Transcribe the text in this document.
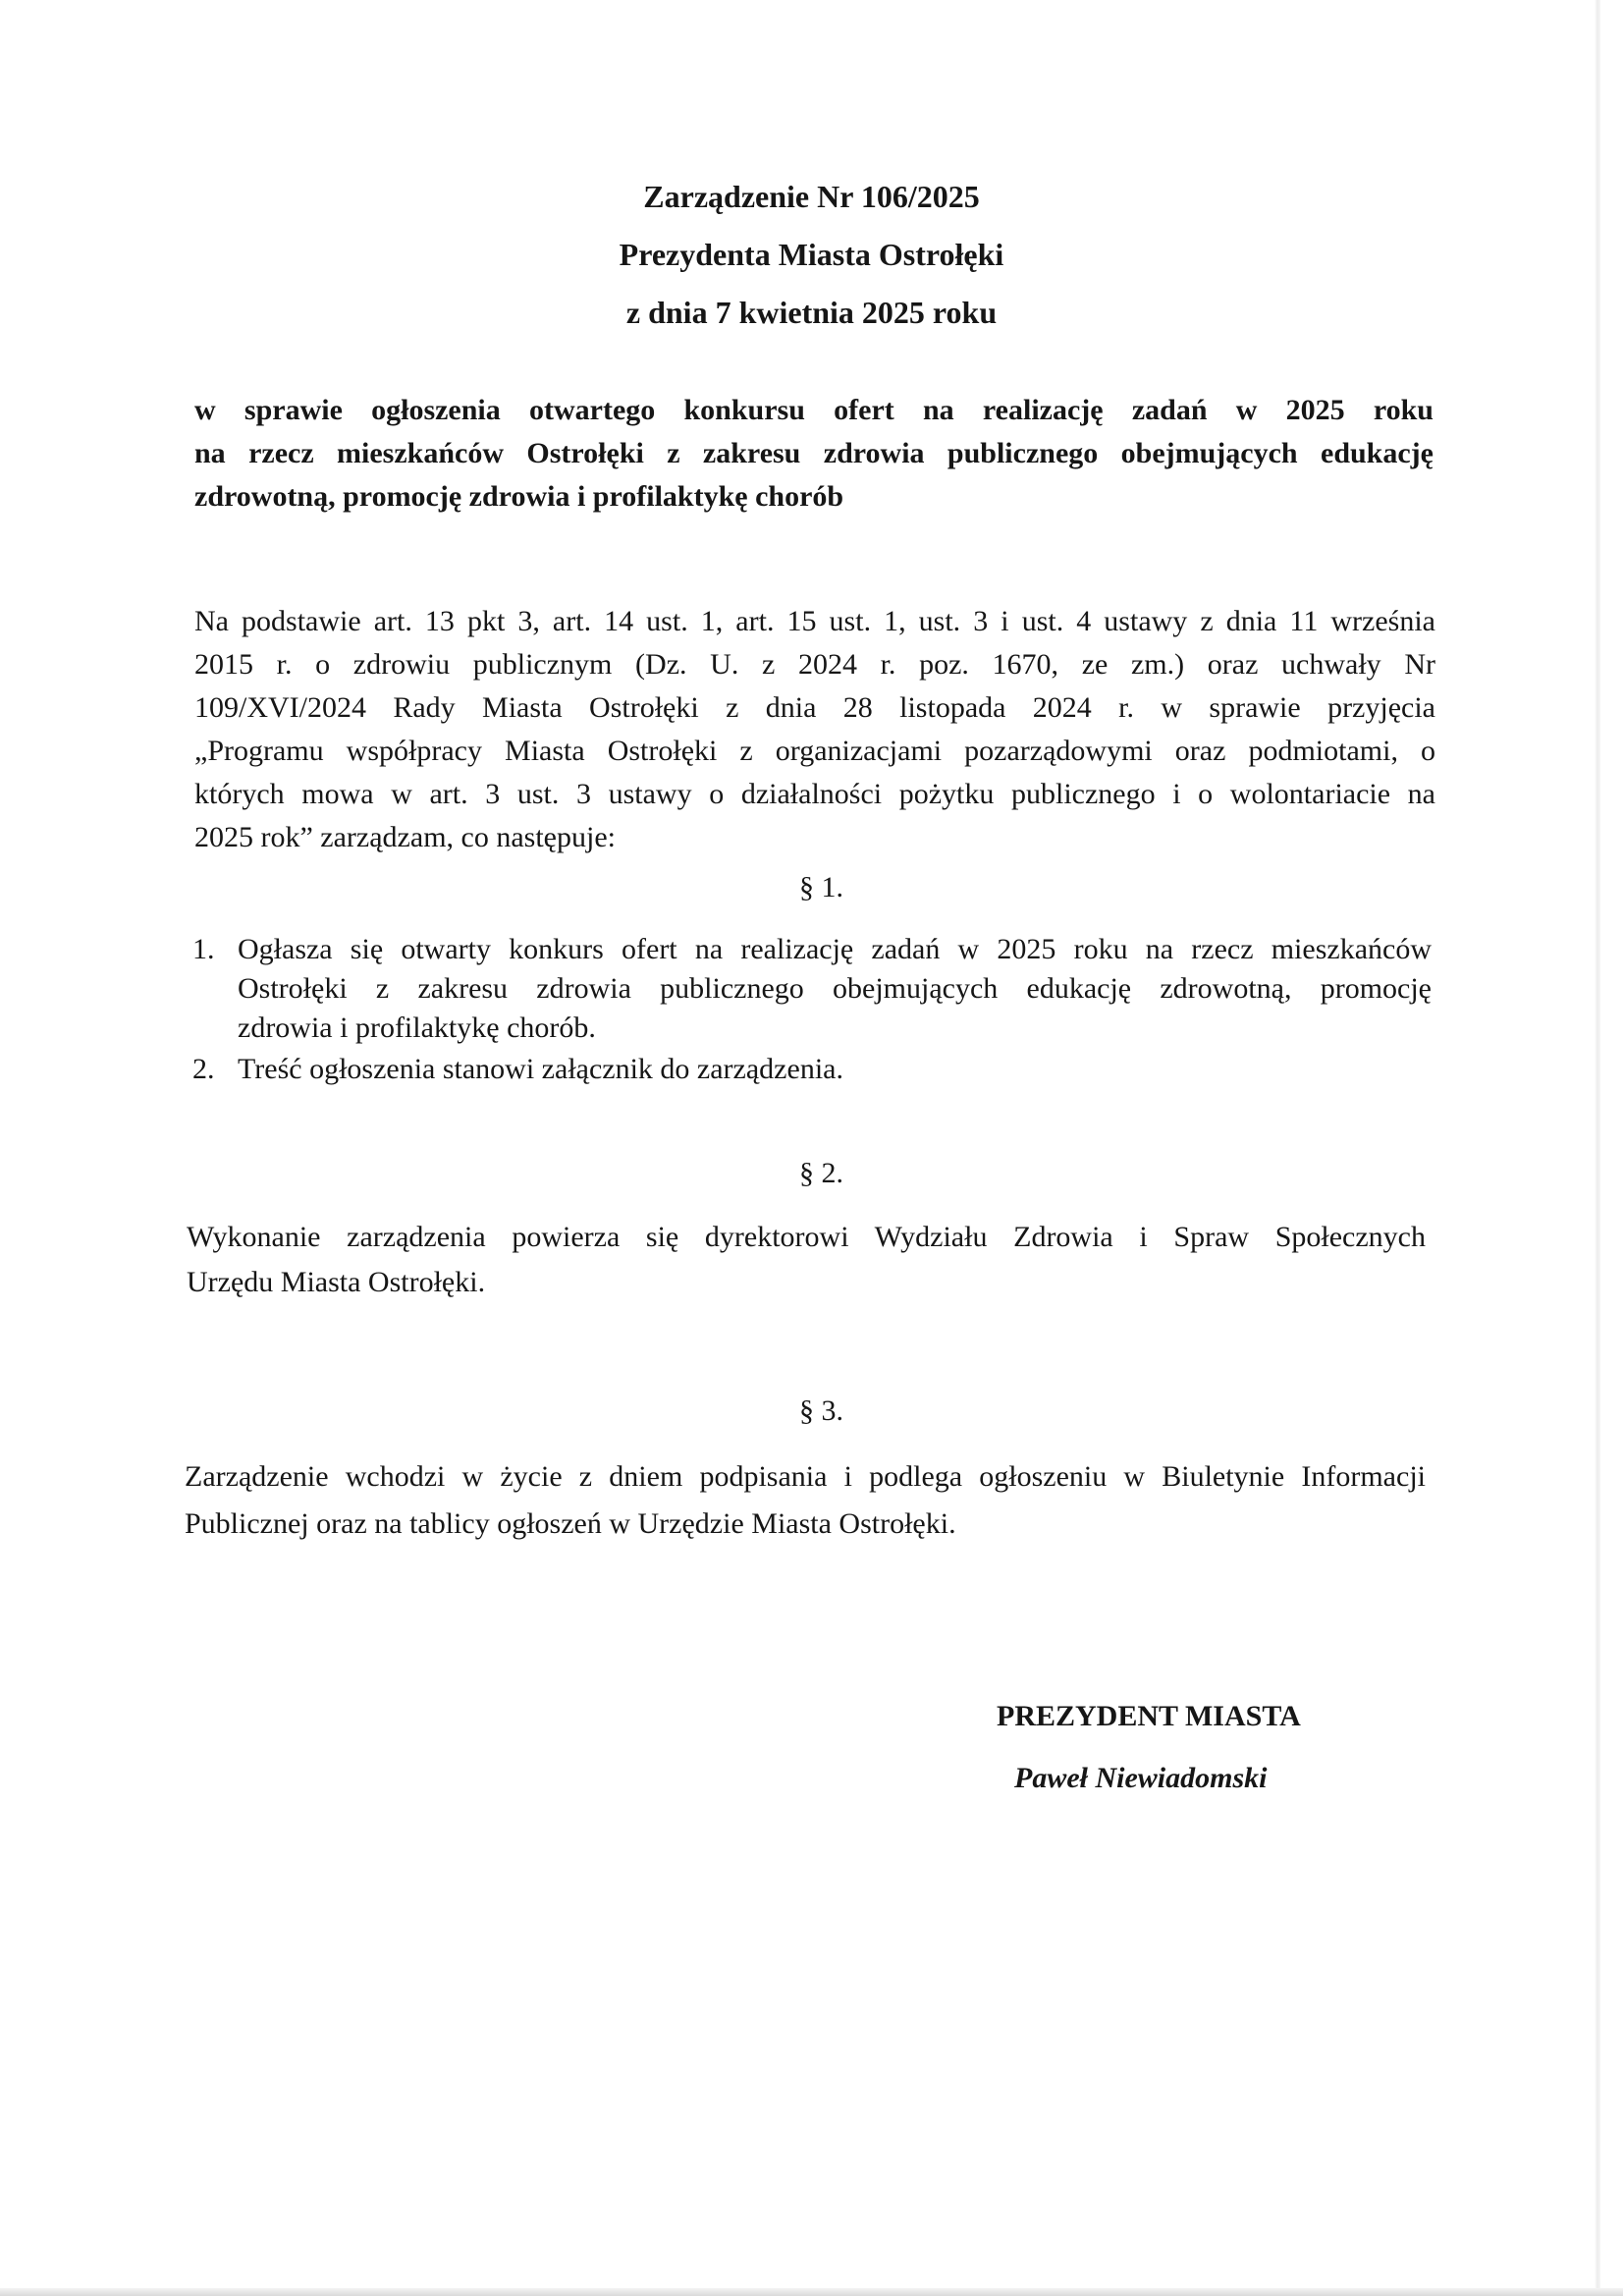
Zarządzenie Nr 106/2025
Prezydenta Miasta Ostrołęki
z dnia 7 kwietnia 2025 roku
w sprawie ogłoszenia otwartego konkursu ofert na realizację zadań w 2025 roku
na rzecz mieszkańców Ostrołęki z zakresu zdrowia publicznego obejmujących edukację
zdrowotną, promocję zdrowia i profilaktykę chorób
Na podstawie art. 13 pkt 3, art. 14 ust. 1, art. 15 ust. 1, ust. 3 i ust. 4 ustawy z dnia 11 września
2015 r. o zdrowiu publicznym (Dz. U. z 2024 r. poz. 1670, ze zm.) oraz uchwały Nr
109/XVI/2024 Rady Miasta Ostrołęki z dnia 28 listopada 2024 r. w sprawie przyjęcia
„Programu współpracy Miasta Ostrołęki z organizacjami pozarządowymi oraz podmiotami, o
których mowa w art. 3 ust. 3 ustawy o działalności pożytku publicznego i o wolontariacie na
2025 rok” zarządzam, co następuje:
§ 1.
1. Ogłasza się otwarty konkurs ofert na realizację zadań w 2025 roku na rzecz mieszkańców
Ostrołęki z zakresu zdrowia publicznego obejmujących edukację zdrowotną, promocję
zdrowia i profilaktykę chorób.
2. Treść ogłoszenia stanowi załącznik do zarządzenia.
§ 2.
Wykonanie zarządzenia powierza się dyrektorowi Wydziału Zdrowia i Spraw Społecznych
Urzędu Miasta Ostrołęki.
§ 3.
Zarządzenie wchodzi w życie z dniem podpisania i podlega ogłoszeniu w Biuletynie Informacji
Publicznej oraz na tablicy ogłoszeń w Urzędzie Miasta Ostrołęki.
PREZYDENT MIASTA
Paweł Niewiadomski
